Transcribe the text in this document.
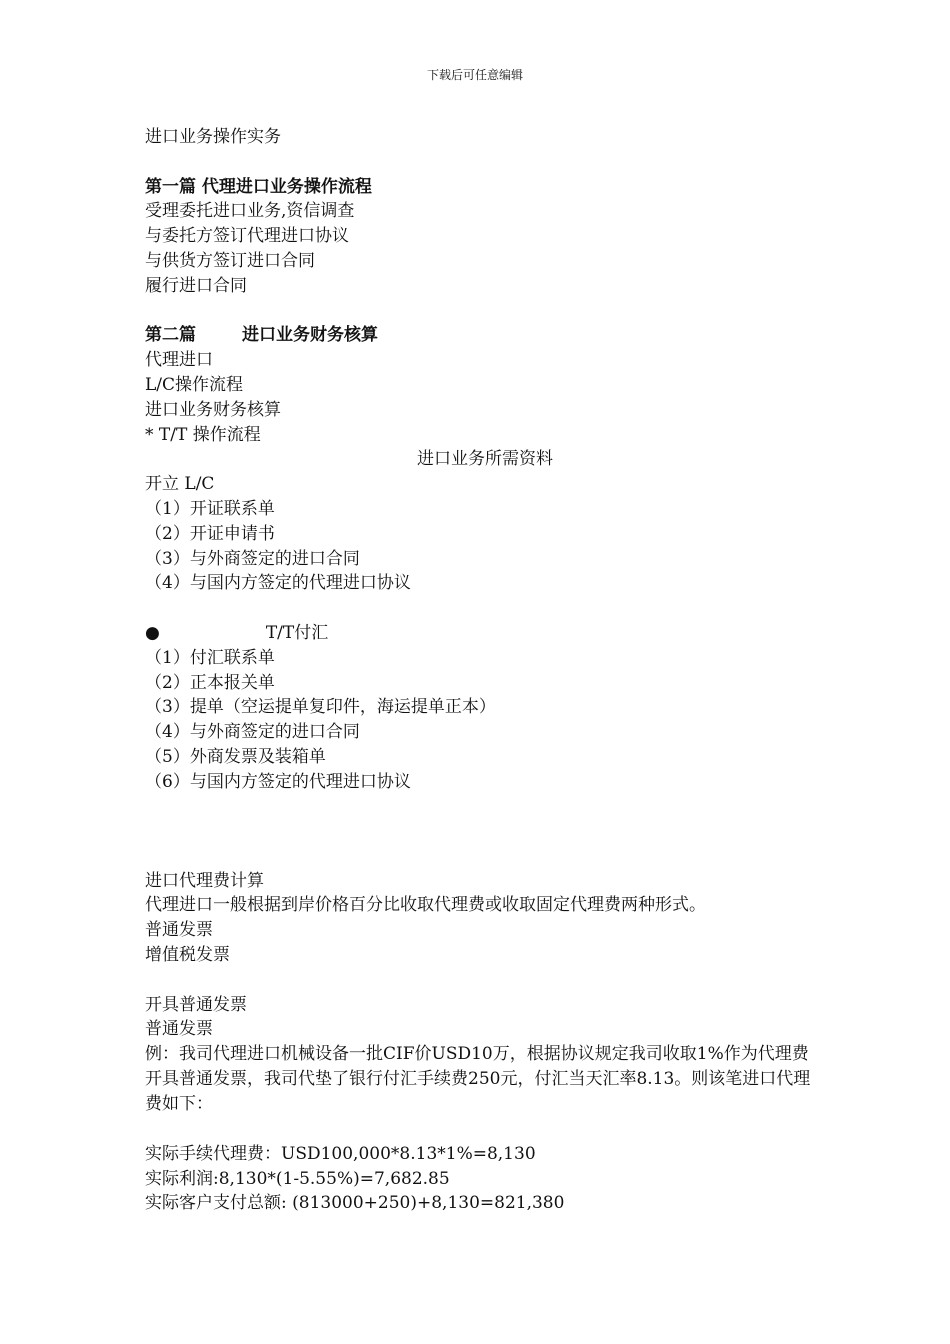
下载后可任意编辑
进口业务操作实务
第一篇 代理进口业务操作流程
受理委托进口业务,资信调查
与委托方签订代理进口协议
与供货方签订进口合同
履行进口合同
第二篇	进口业务财务核算
代理进口
L/C操作流程
进口业务财务核算
* T/T 操作流程
进口业务所需资料
开立 L/C
（1）开证联系单
（2）开证申请书
（3）与外商签定的进口合同
（4）与国内方签定的代理进口协议
●	T/T付汇
（1）付汇联系单
（2）正本报关单
（3）提单（空运提单复印件，海运提单正本）
（4）与外商签定的进口合同
（5）外商发票及装箱单
（6）与国内方签定的代理进口协议
进口代理费计算
代理进口一般根据到岸价格百分比收取代理费或收取固定代理费两种形式。
普通发票
增值税发票
开具普通发票
普通发票
例：我司代理进口机械设备一批CIF价USD10万，根据协议规定我司收取1%作为代理费开具普通发票，我司代垫了银行付汇手续费250元，付汇当天汇率8.13。则该笔进口代理费如下：
实际手续代理费：USD100,000*8.13*1%=8,130
实际利润:8,130*(1-5.55%)=7,682.85
实际客户支付总额: (813000+250)+8,130=821,380
